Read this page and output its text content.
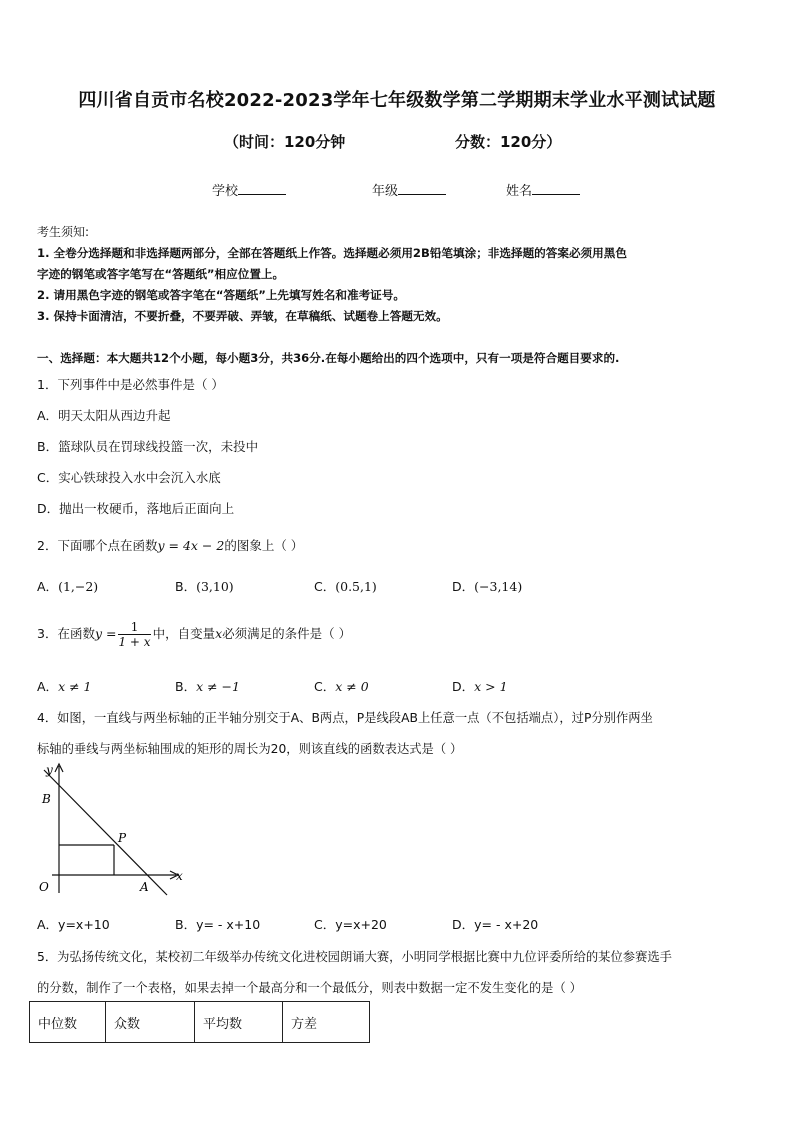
四川省自贡市名校2022-2023学年七年级数学第二学期期末学业水平测试试题
（时间：120分钟	分数：120分）
学校	年级	姓名
考生须知:
1. 全卷分选择题和非选择题两部分，全部在答题纸上作答。选择题必须用2B铅笔填涂；非选择题的答案必须用黑色
字迹的钢笔或答字笔写在“答题纸”相应位置上。
2. 请用黑色字迹的钢笔或答字笔在“答题纸”上先填写姓名和准考证号。
3. 保持卡面清洁，不要折叠，不要弄破、弄皱，在草稿纸、试题卷上答题无效。
一、选择题：本大题共12个小题，每小题3分，共36分.在每小题给出的四个选项中，只有一项是符合题目要求的.
1．下列事件中是必然事件是（ ）
A．明天太阳从西边升起
B．篮球队员在罚球线投篮一次，未投中
C．实心铁球投入水中会沉入水底
D．抛出一枚硬币，落地后正面向上
2．下面哪个点在函数y = 4x − 2的图象上（ ）
A．(1,−2)	B．(3,10)	C．(0.5,1)	D．(−3,14)
3．在函数$y = \frac{1}{1 + x}$ 中，自变量x必须满足的条件是（ ）
A．x ≠ 1	B．x ≠ −1	C．x ≠ 0	D．x > 1
4．如图，一直线与两坐标轴的正半轴分别交于A、B两点，P是线段AB上任意一点（不包括端点），过P分别作两坐
标轴的垂线与两坐标轴围成的矩形的周长为20，则该直线的函数表达式是（ ）
y
B
P
O	A
x
A．y=x+10	B．y= - x+10	C．y=x+20	D．y= - x+20
5．为弘扬传统文化，某校初二年级举办传统文化进校园朗诵大赛，小明同学根据比赛中九位评委所给的某位参赛选手
的分数，制作了一个表格，如果去掉一个最高分和一个最低分，则表中数据一定不发生变化的是（ ）
中位数	众数	平均数	方差
